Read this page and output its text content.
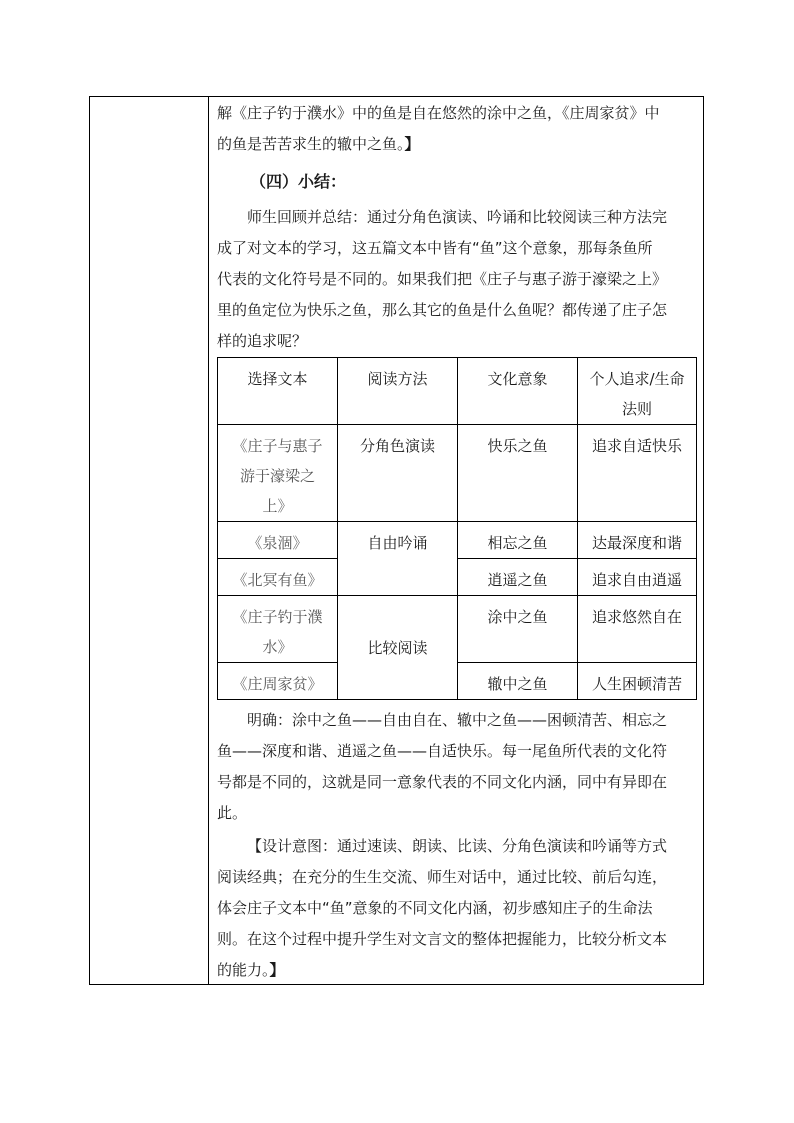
解《庄子钓于濮水》中的鱼是自在悠然的涂中之鱼，《庄周家贫》中
的鱼是苦苦求生的辙中之鱼。】
（四）小结：
师生回顾并总结：通过分角色演读、吟诵和比较阅读三种方法完
成了对文本的学习，这五篇文本中皆有“鱼”这个意象，那每条鱼所
代表的文化符号是不同的。如果我们把《庄子与惠子游于濠梁之上》
里的鱼定位为快乐之鱼，那么其它的鱼是什么鱼呢？都传递了庄子怎
样的追求呢？
选择文本	阅读方法	文化意象	个人追求/生命
法则
《庄子与惠子
游于濠梁之
上》	分角色演读	快乐之鱼	追求自适快乐
《泉涸》	自由吟诵	相忘之鱼	达最深度和谐
《北冥有鱼》		逍遥之鱼	追求自由逍遥
《庄子钓于濮
水》	比较阅读	涂中之鱼	追求悠然自在
《庄周家贫》		辙中之鱼	人生困顿清苦
明确：涂中之鱼——自由自在、辙中之鱼——困顿清苦、相忘之
鱼——深度和谐、逍遥之鱼——自适快乐。每一尾鱼所代表的文化符
号都是不同的，这就是同一意象代表的不同文化内涵，同中有异即在
此。
【设计意图：通过速读、朗读、比读、分角色演读和吟诵等方式
阅读经典；在充分的生生交流、师生对话中，通过比较、前后勾连，
体会庄子文本中“鱼”意象的不同文化内涵，初步感知庄子的生命法
则。在这个过程中提升学生对文言文的整体把握能力，比较分析文本
的能力。】
